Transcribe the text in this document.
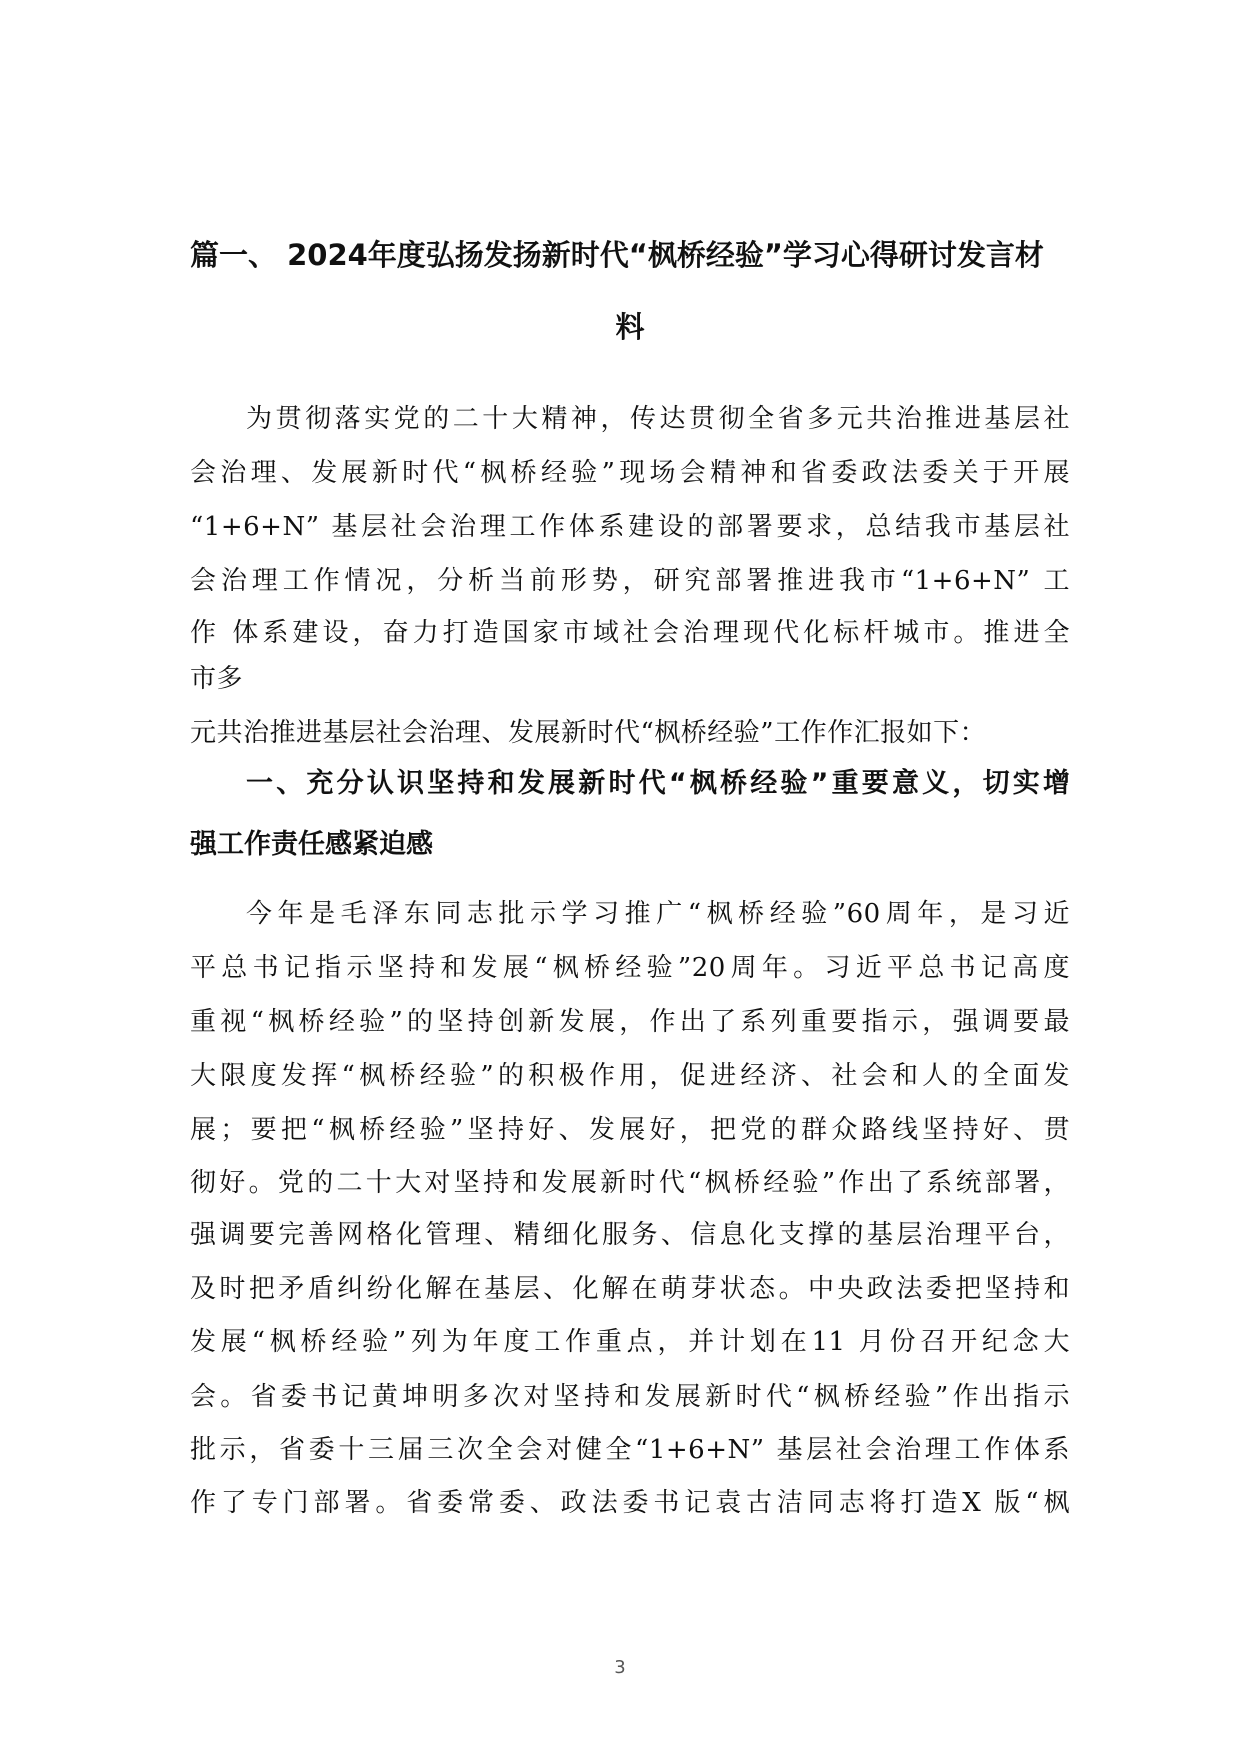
篇一、 2024年度弘扬发扬新时代“枫桥经验”学习心得研讨发言材
料
为贯彻落实党的二十大精神，传达贯彻全省多元共治推进基层社
会治理、发展新时代“枫桥经验”现场会精神和省委政法委关于开展
“1+6+N” 基层社会治理工作体系建设的部署要求，总结我市基层社
会治理工作情况，分析当前形势，研究部署推进我市“1+6+N” 工
作 体系建设，奋力打造国家市域社会治理现代化标杆城市。推进全
市多
元共治推进基层社会治理、发展新时代“枫桥经验”工作作汇报如下：
一、充分认识坚持和发展新时代“枫桥经验”重要意义，切实增
强工作责任感紧迫感
今年是毛泽东同志批示学习推广“枫桥经验”60周年，是习近
平总书记指示坚持和发展“枫桥经验”20周年。习近平总书记高度
重视“枫桥经验”的坚持创新发展，作出了系列重要指示，强调要最
大限度发挥“枫桥经验”的积极作用，促进经济、社会和人的全面发
展；要把“枫桥经验”坚持好、发展好，把党的群众路线坚持好、贯
彻好。党的二十大对坚持和发展新时代“枫桥经验”作出了系统部署，
强调要完善网格化管理、精细化服务、信息化支撑的基层治理平台，
及时把矛盾纠纷化解在基层、化解在萌芽状态。中央政法委把坚持和
发展“枫桥经验”列为年度工作重点，并计划在11 月份召开纪念大
会。省委书记黄坤明多次对坚持和发展新时代“枫桥经验”作出指示
批示，省委十三届三次全会对健全“1+6+N” 基层社会治理工作体系
作了专门部署。省委常委、政法委书记袁古洁同志将打造X 版“枫
3
